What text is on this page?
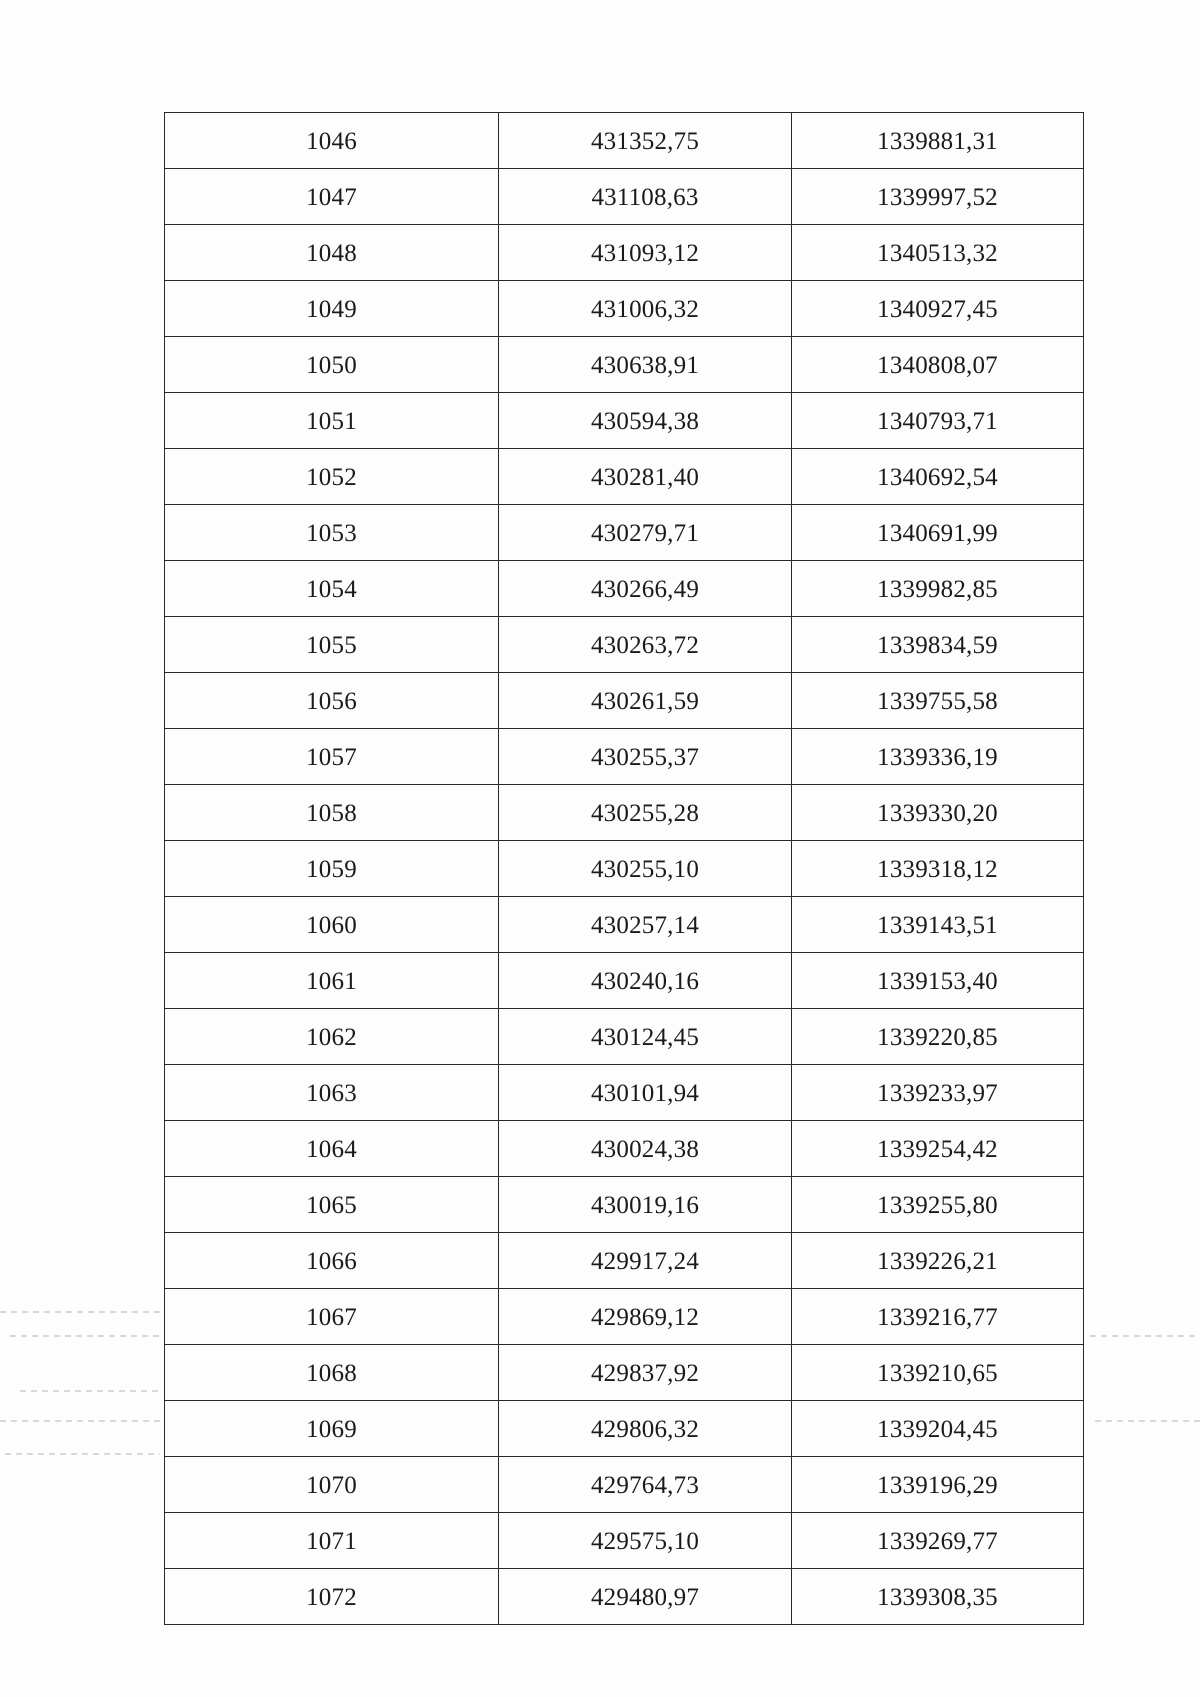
1046	431352,75	1339881,31
1047	431108,63	1339997,52
1048	431093,12	1340513,32
1049	431006,32	1340927,45
1050	430638,91	1340808,07
1051	430594,38	1340793,71
1052	430281,40	1340692,54
1053	430279,71	1340691,99
1054	430266,49	1339982,85
1055	430263,72	1339834,59
1056	430261,59	1339755,58
1057	430255,37	1339336,19
1058	430255,28	1339330,20
1059	430255,10	1339318,12
1060	430257,14	1339143,51
1061	430240,16	1339153,40
1062	430124,45	1339220,85
1063	430101,94	1339233,97
1064	430024,38	1339254,42
1065	430019,16	1339255,80
1066	429917,24	1339226,21
1067	429869,12	1339216,77
1068	429837,92	1339210,65
1069	429806,32	1339204,45
1070	429764,73	1339196,29
1071	429575,10	1339269,77
1072	429480,97	1339308,35
